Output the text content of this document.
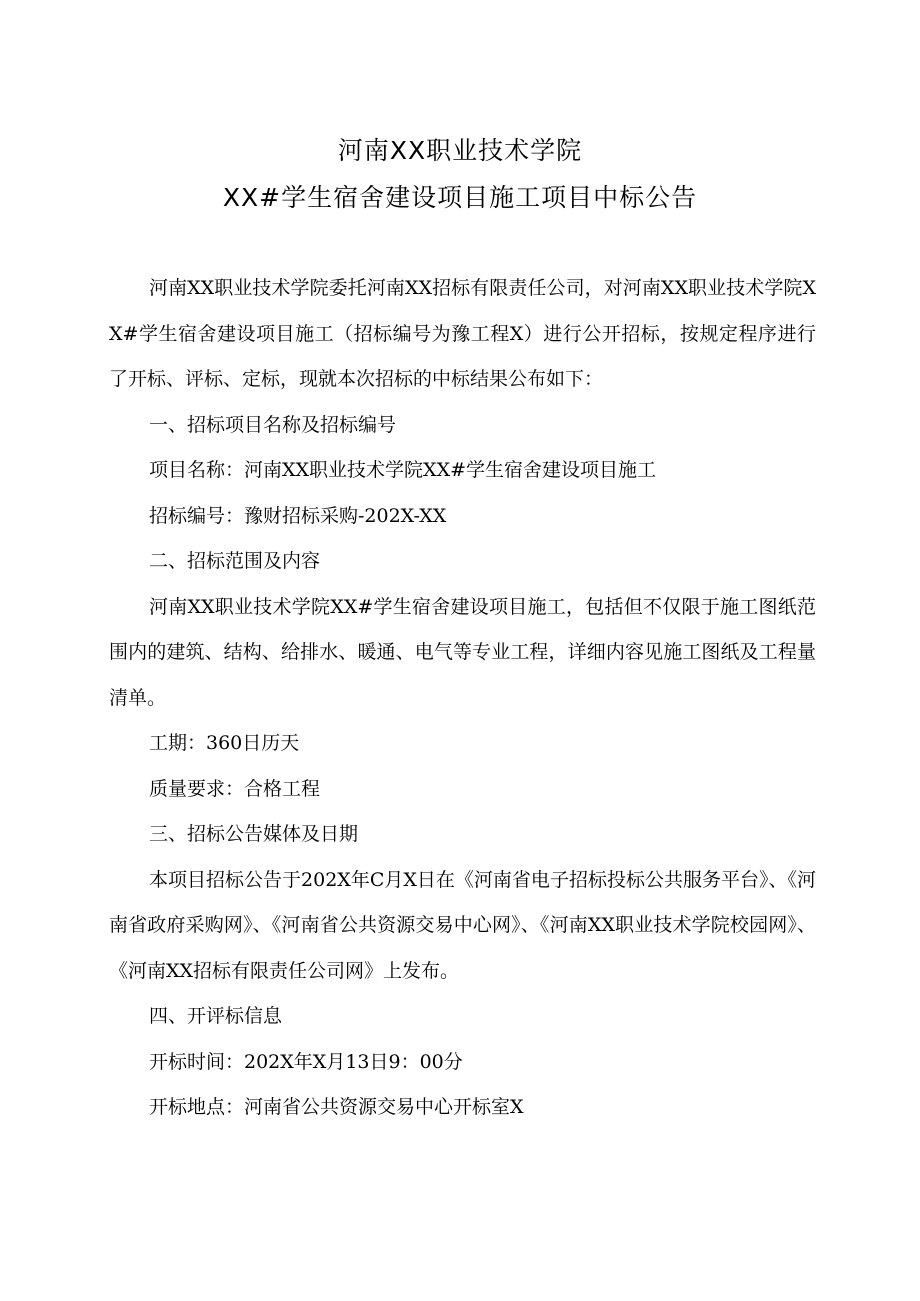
河南XX职业技术学院
XX#学生宿舍建设项目施工项目中标公告

河南XX职业技术学院委托河南XX招标有限责任公司，对河南XX职业技术学院XX#学生宿舍建设项目施工（招标编号为豫工程X）进行公开招标，按规定程序进行了开标、评标、定标，现就本次招标的中标结果公布如下：

一、招标项目名称及招标编号

项目名称：河南XX职业技术学院XX#学生宿舍建设项目施工

招标编号：豫财招标采购-202X-XX

二、招标范围及内容

河南XX职业技术学院XX#学生宿舍建设项目施工，包括但不仅限于施工图纸范围内的建筑、结构、给排水、暖通、电气等专业工程，详细内容见施工图纸及工程量清单。

工期：360日历天

质量要求：合格工程

三、招标公告媒体及日期

本项目招标公告于202X年C月X日在《河南省电子招标投标公共服务平台》、《河南省政府采购网》、《河南省公共资源交易中心网》、《河南XX职业技术学院校园网》、《河南XX招标有限责任公司网》上发布。

四、开评标信息

开标时间：202X年X月13日9：00分

开标地点：河南省公共资源交易中心开标室X
